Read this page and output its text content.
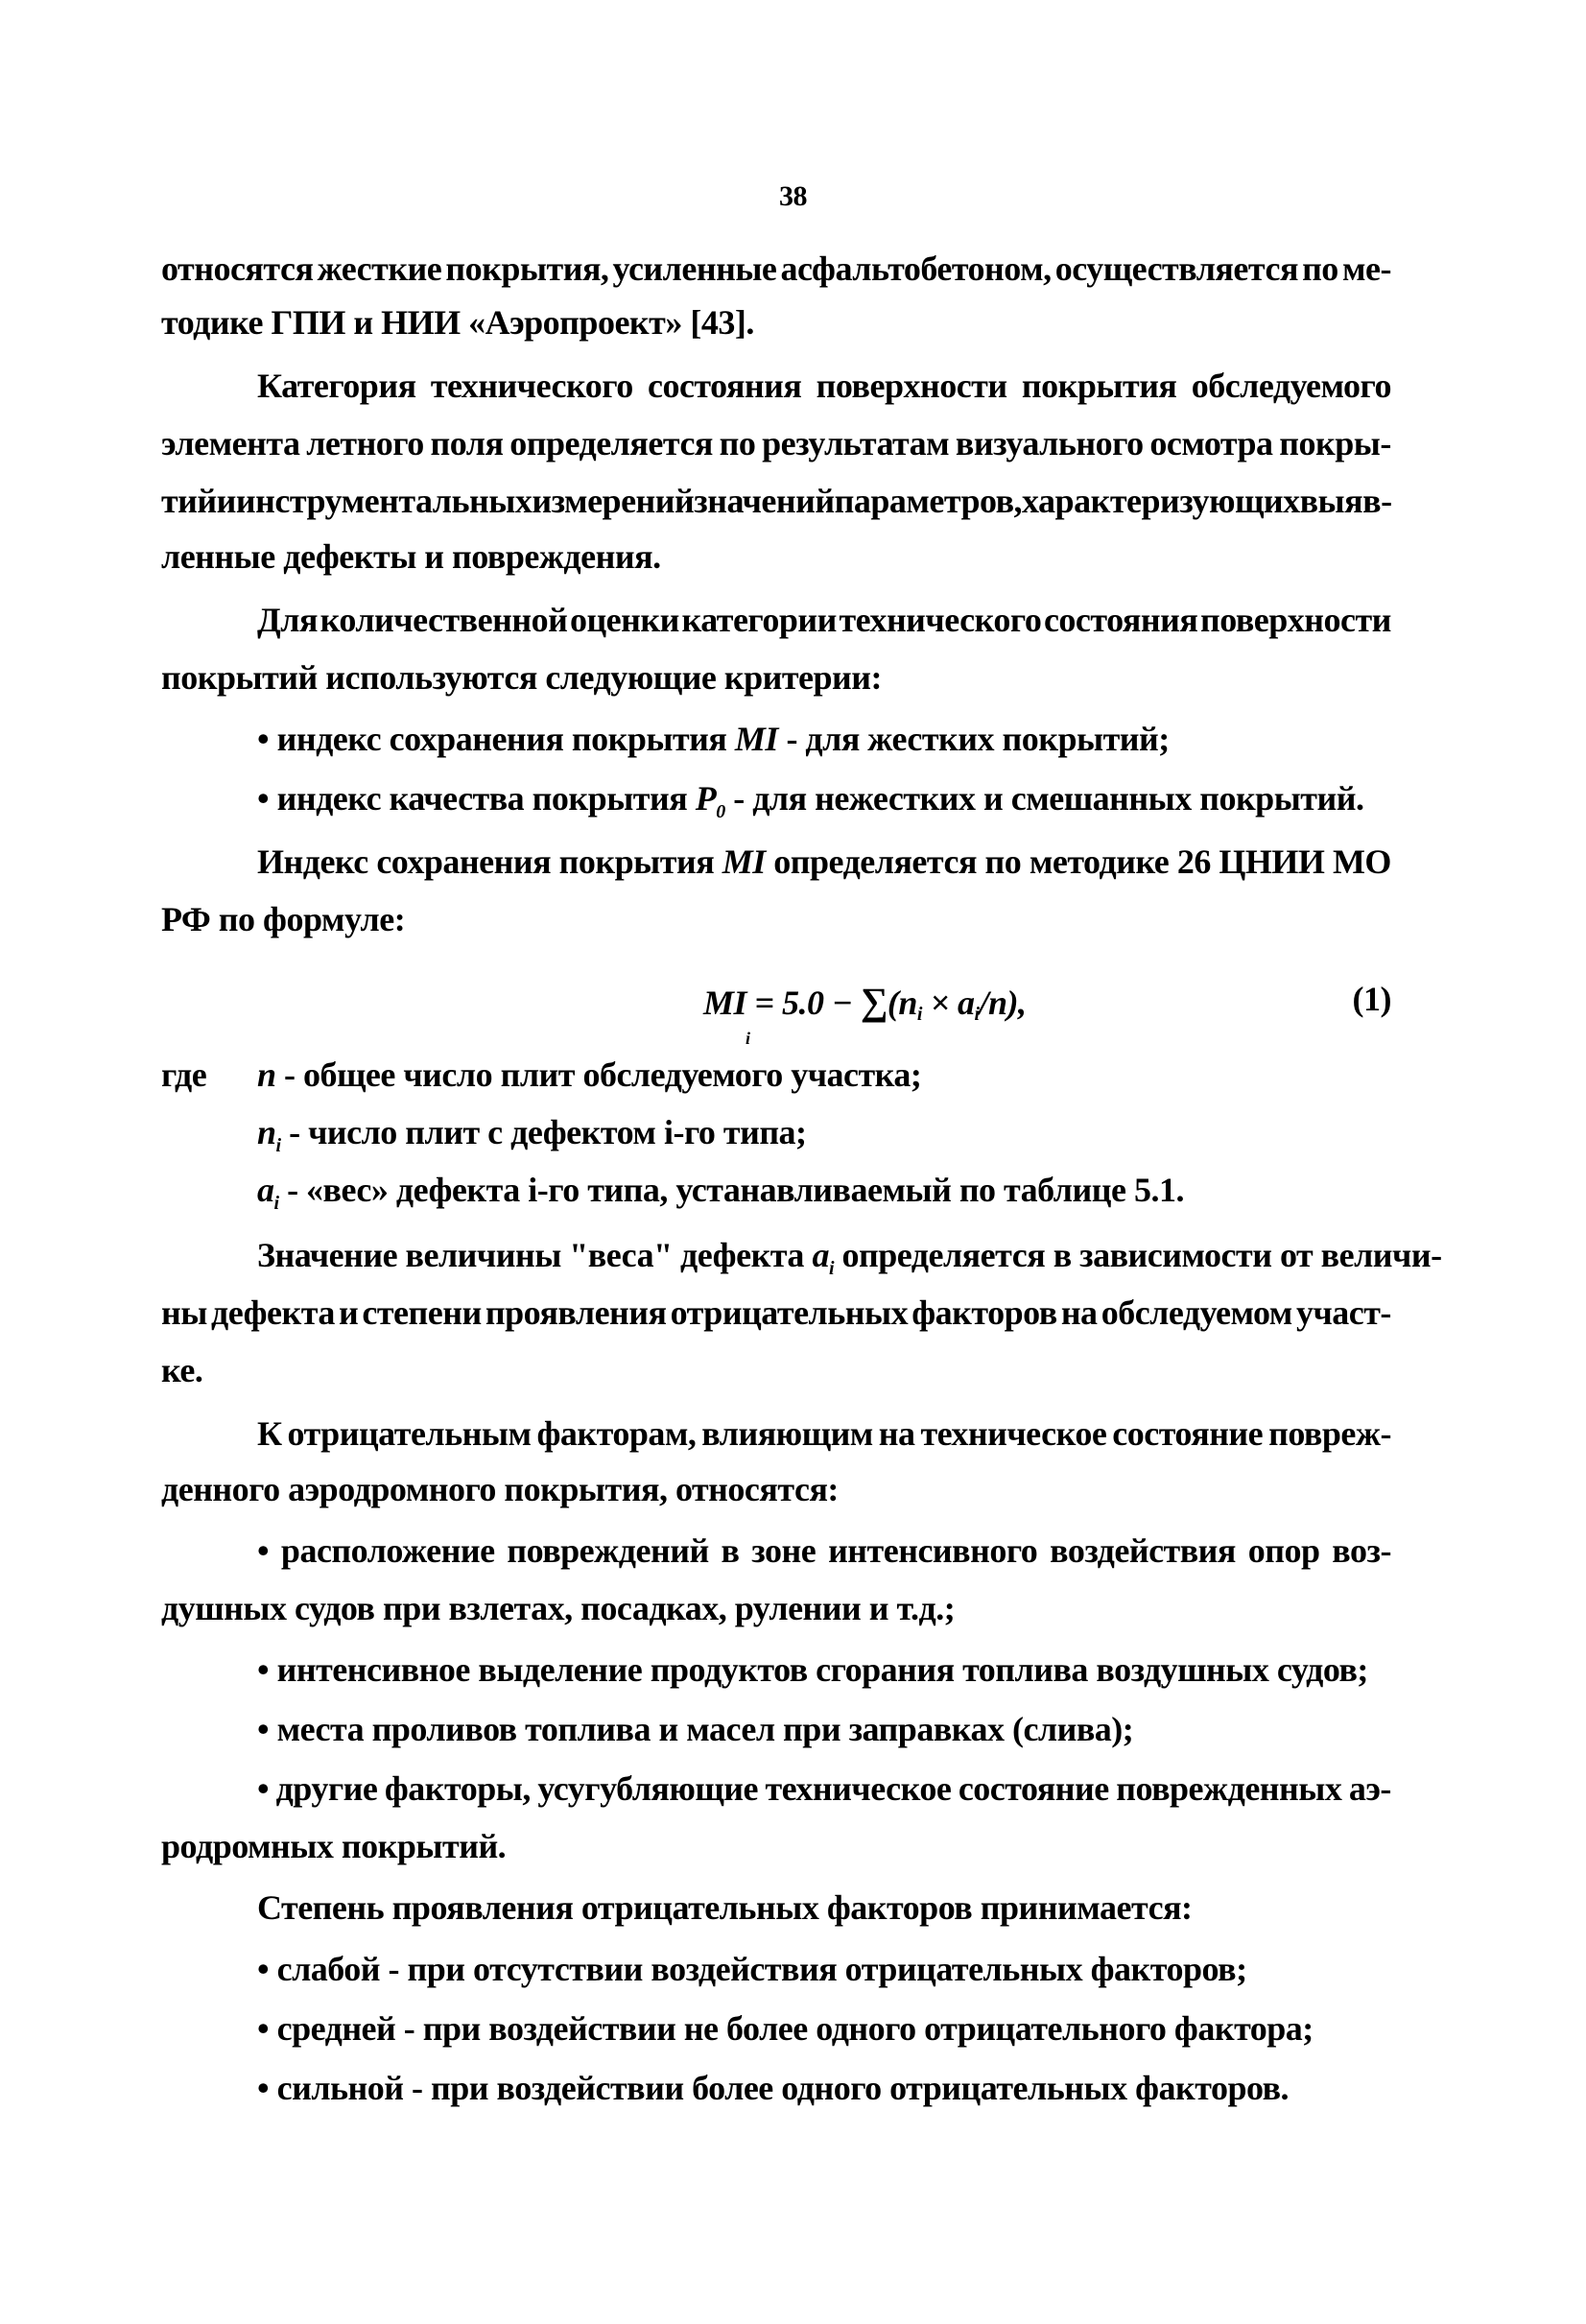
38
относятся жесткие покрытия, усиленные асфальтобетоном, осуществляется по ме-
тодике ГПИ и НИИ «Аэропроект» [43].
Категория технического состояния поверхности покрытия обследуемого
элемента летного поля определяется по результатам визуального осмотра покры-
тий и инструментальных измерений значений параметров, характеризующих выяв-
ленные дефекты и повреждения.
Для количественной оценки категории технического состояния поверхности
покрытий используются следующие критерии:
• индекс сохранения покрытия MI - для жестких покрытий;
• индекс качества покрытия $P_0$ - для нежестких и смешанных покрытий.
Индекс сохранения покрытия MI определяется по методике 26 ЦНИИ МО
РФ по формуле:
MI = $5.0 - \sum(n_i \times a_i/n)$,
i
(1)
где n - общее число плит обследуемого участка;
$n_i$ - число плит с дефектом i-го типа;
$a_i$ - «вес» дефекта i-го типа, устанавливаемый по таблице 5.1.
Значение величины "веса" дефекта $a_i$ определяется в зависимости от величи-
ны дефекта и степени проявления отрицательных факторов на обследуемом участ-
ке.
К отрицательным факторам, влияющим на техническое состояние повреж-
денного аэродромного покрытия, относятся:
• расположение повреждений в зоне интенсивного воздействия опор воз-
душных судов при взлетах, посадках, рулении и т.д.;
• интенсивное выделение продуктов сгорания топлива воздушных судов;
• места проливов топлива и масел при заправках (слива);
• другие факторы, усугубляющие техническое состояние поврежденных аэ-
родромных покрытий.
Степень проявления отрицательных факторов принимается:
• слабой - при отсутствии воздействия отрицательных факторов;
• средней - при воздействии не более одного отрицательного фактора;
• сильной - при воздействии более одного отрицательных факторов.
